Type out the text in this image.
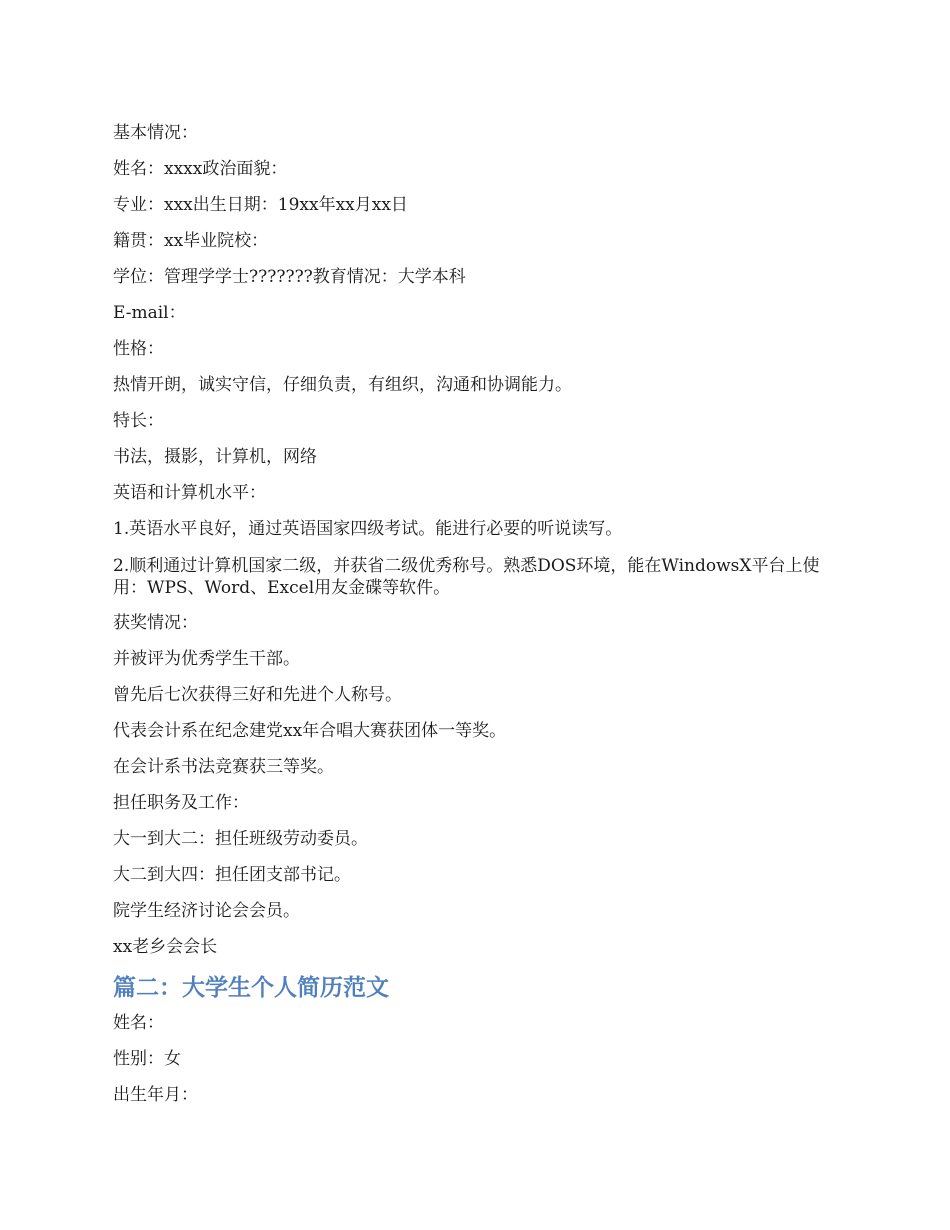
基本情况：

姓名：xxxx政治面貌：

专业：xxx出生日期：19xx年xx月xx日

籍贯：xx毕业院校：

学位：管理学学士???????教育情况：大学本科

E-mail：

性格：

热情开朗，诚实守信，仔细负责，有组织，沟通和协调能力。

特长：

书法，摄影，计算机，网络

英语和计算机水平：

1.英语水平良好，通过英语国家四级考试。能进行必要的听说读写。

2.顺利通过计算机国家二级，并获省二级优秀称号。熟悉DOS环境，能在WindowsX平台上使用：WPS、Word、Excel用友金碟等软件。

获奖情况：

并被评为优秀学生干部。

曾先后七次获得三好和先进个人称号。

代表会计系在纪念建党xx年合唱大赛获团体一等奖。

在会计系书法竞赛获三等奖。

担任职务及工作：

大一到大二：担任班级劳动委员。

大二到大四：担任团支部书记。

院学生经济讨论会会员。

xx老乡会会长

篇二：大学生个人简历范文

姓名：

性别：女

出生年月：
